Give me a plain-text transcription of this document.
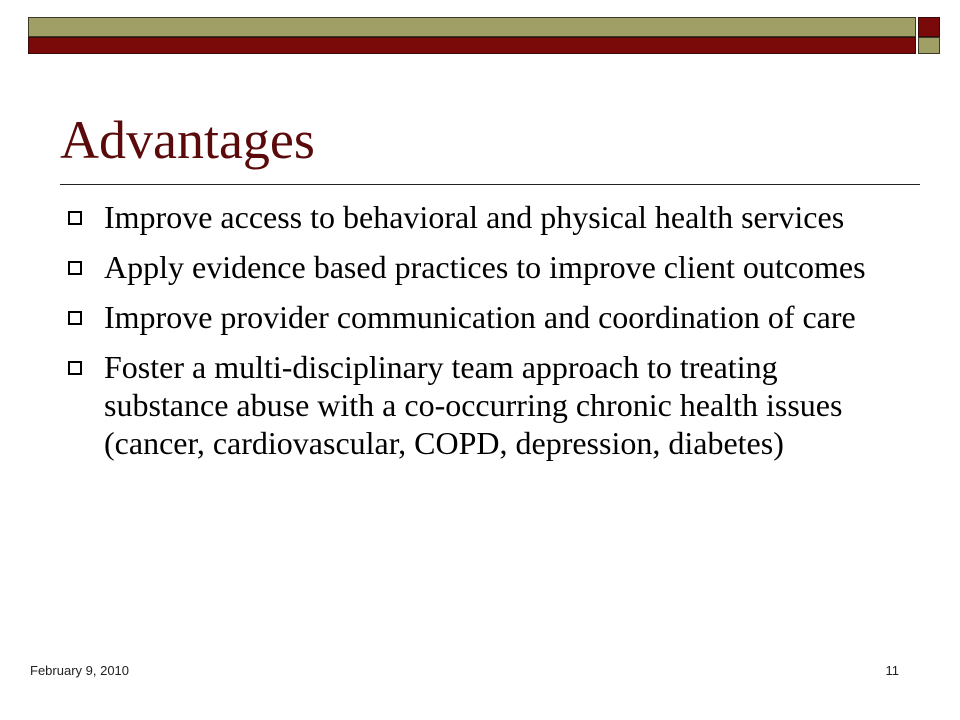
Advantages
Improve access to behavioral and physical health services
Apply evidence based practices to improve client outcomes
Improve provider communication and coordination of care
Foster a multi-disciplinary team approach to treating substance abuse with a co-occurring chronic health issues (cancer, cardiovascular, COPD, depression, diabetes)
February 9, 2010	11
